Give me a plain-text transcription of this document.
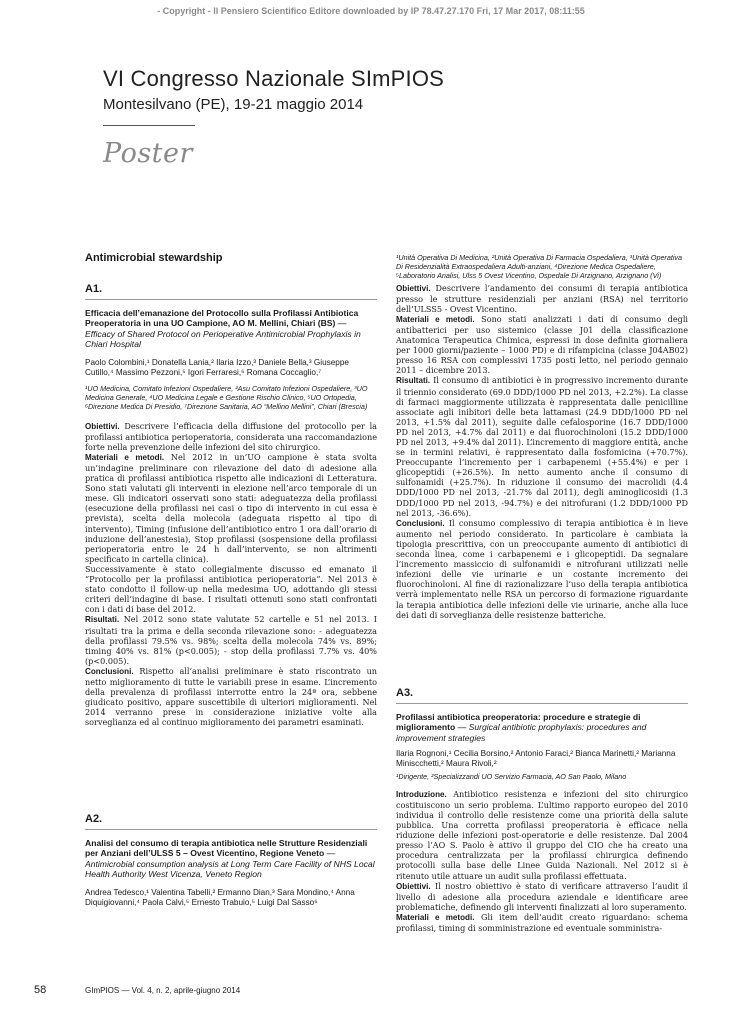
- Copyright - Il Pensiero Scientifico Editore downloaded by IP 78.47.27.170 Fri, 17 Mar 2017, 08:11:55
VI Congresso Nazionale SImPIOS
Montesilvano (PE), 19-21 maggio 2014
Poster
Antimicrobial stewardship
A1.
Efficacia dell’emanazione del Protocollo sulla Profilassi Antibiotica Preoperatoria in una UO Campione, AO M. Mellini, Chiari (BS) — Efficacy of Shared Protocol on Perioperative Antimicrobial Prophylaxis in Chiari Hospital
Paolo Colombini,¹ Donatella Lania,² Ilaria Izzo,³ Daniele Bella,³ Giuseppe Cutillo,⁴ Massimo Pezzoni,⁵ Igori Ferraresi,⁶ Romana Coccaglio,⁷
¹UO Medicina, Comitato Infezioni Ospedaliere, ²Asu Comitato Infezioni Ospedaliere, ³UO Medicina Generale, ⁴UO Medicina Legale e Gestione Rischio Clinico, ⁵UO Ortopedia, ⁶Direzione Medica Di Presidio, ⁷Direzione Sanitaria, AO “Mellino Mellini”, Chiari (Brescia)

Obiettivi. Descrivere l’efficacia della diffusione del protocollo per la profilassi antibiotica perioperatoria, considerata una raccomandazione forte nella prevenzione delle infezioni del sito chirurgico.

Materiali e metodi. Nel 2012 in un’UO campione è stata svolta un’indagine preliminare con rilevazione del dato di adesione alla pratica di profilassi antibiotica rispetto alle indicazioni di Letteratura. Sono stati valutati gli interventi in elezione nell’arco temporale di un mese. Gli indicatori osservati sono stati: adeguatezza della profilassi (esecuzione della profilassi nei casi o tipo di intervento in cui essa è prevista), scelta della molecola (adeguata rispetto al tipo di intervento), Timing (infusione dell’antibiotico entro 1 ora dall’orario di induzione dell’anestesia), Stop profilassi (sospensione della profilassi perioperatoria entro le 24 h dall’intervento, se non altrimenti specificato in cartella clinica).

Successivamente è stato collegialmente discusso ed emanato il “Protocollo per la profilassi antibiotica perioperatoria”. Nel 2013 è stato condotto il follow-up nella medesima UO, adottando gli stessi criteri dell’indagine di base. I risultati ottenuti sono stati confrontati con i dati di base del 2012.

Risultati. Nel 2012 sono state valutate 52 cartelle e 51 nel 2013. I risultati tra la prima e della seconda rilevazione sono: - adeguatezza della profilassi 79.5% vs. 98%; scelta della molecola 74% vs. 89%; timing 40% vs. 81% (p<0.005); - stop della profilassi 7.7% vs. 40% (p<0.005).

Conclusioni. Rispetto all’analisi preliminare è stato riscontrato un netto miglioramento di tutte le variabili prese in esame. L’incremento della prevalenza di profilassi interrotte entro la 24ª ora, sebbene giudicato positivo, appare suscettibile di ulteriori miglioramenti. Nel 2014 verranno prese in considerazione iniziative volte alla sorveglianza ed al continuo miglioramento dei parametri esaminati.

A2.
Analisi del consumo di terapia antibiotica nelle Strutture Residenziali per Anziani dell’ULSS 5 – Ovest Vicentino, Regione Veneto — Antimicrobial consumption analysis at Long Term Care Facility of NHS Local Health Authority West Vicenza, Veneto Region
Andrea Tedesco,¹ Valentina Tabelli,² Ermanno Dian,³ Sara Mondino,⁴ Anna Diquigiovanni,⁴ Paola Calvi,⁵ Ernesto Trabuio,⁵ Luigi Dal Sasso⁶
¹Unità Operativa Di Medicina, ²Unità Operativa Di Farmacia Ospedaliera, ³Unità Operativa Di Residenzialità Extraospedaliera Adulti-anziani, ⁴Direzione Medica Ospedaliere, ⁵Laboratorio Analisi, Ulss 5 Ovest Vicentino, Ospedale Di Arzignano, Arzignano (Vi)

Obiettivi. Descrivere l’andamento dei consumi di terapia antibiotica presso le strutture residenziali per anziani (RSA) nel territorio dell’ULSS5 - Ovest Vicentino.

Materiali e metodi. Sono stati analizzati i dati di consumo degli antibatterici per uso sistemico (classe J01 della classificazione Anatomica Terapeutica Chimica, espressi in dose definita giornaliera per 1000 giorni/paziente – 1000 PD) e di rifampicina (classe J04AB02) presso 16 RSA con complessivi 1735 posti letto, nel periodo gennaio 2011 – dicembre 2013.

Risultati. Il consumo di antibiotici è in progressivo incremento durante il triennio considerato (69.0 DDD/1000 PD nel 2013, +2.2%). La classe di farmaci maggiormente utilizzata è rappresentata dalle penicilline associate agli inibitori delle beta lattamasi (24.9 DDD/1000 PD nel 2013, +1.5% dal 2011), seguite dalle cefalosporine (16.7 DDD/1000 PD nel 2013, +4.7% dal 2011) e dai fluorochinoloni (15.2 DDD/1000 PD nel 2013, +9.4% dal 2011). L’incremento di maggiore entità, anche se in termini relativi, è rappresentato dalla fosfomicina (+70.7%). Preoccupante l’incremento per i carbapenemi (+55.4%) e per i glicopeptidi (+26.5%). In netto aumento anche il consumo di sulfonamidi (+25.7%). In riduzione il consumo dei macrolidi (4.4 DDD/1000 PD nel 2013, -21.7% dal 2011), degli aminoglicosidi (1.3 DDD/1000 PD nel 2013, -94.7%) e dei nitrofurani (1.2 DDD/1000 PD nel 2013, -36.6%).

Conclusioni. Il consumo complessivo di terapia antibiotica è in lieve aumento nel periodo considerato. In particolare è cambiata la tipologia prescrittiva, con un preoccupante aumento di antibiotici di seconda linea, come i carbapenemi e i glicopeptidi. Da segnalare l’incremento massiccio di sulfonamidi e nitrofurani utilizzati nelle infezioni delle vie urinarie e un costante incremento dei fluorochinoloni. Al fine di razionalizzare l’uso della terapia antibiotica verrà implementato nelle RSA un percorso di formazione riguardante la terapia antibiotica delle infezioni delle vie urinarie, anche alla luce dei dati di sorveglianza delle resistenze batteriche.

A3.
Profilassi antibiotica preoperatoria: procedure e strategie di miglioramento — Surgical antibiotic prophylaxis: procedures and improvement strategies
Ilaria Rognoni,¹ Cecilia Borsino,² Antonio Faraci,² Bianca Marinetti,² Marianna Miniscchetti,² Maura Rivoli,²
¹Dirigente, ²Specializzandi UO Servizio Farmacia, AO San Paolo, Milano

Introduzione. Antibiotico resistenza e infezioni del sito chirurgico costituiscono un serio problema. L’ultimo rapporto europeo del 2010 individua il controllo delle resistenze come una priorità della salute pubblica. Una corretta profilassi preoperatoria è efficace nella riduzione delle infezioni post-operatorie e delle resistenze. Dal 2004 presso l’AO S. Paolo è attivo il gruppo del CIO che ha creato una procedura centralizzata per la profilassi chirurgica definendo protocolli sulla base delle Linee Guida Nazionali. Nel 2012 si è ritenuto utile attuare un audit sulla profilassi effettuata.

Obiettivi. Il nostro obiettivo è stato di verificare attraverso l’audit il livello di adesione alla procedura aziendale e identificare aree problematiche, definendo gli interventi finalizzati al loro superamento.

Materiali e metodi. Gli item dell’audit creato riguardano: schema profilassi, timing di somministrazione ed eventuale somministra-

58	GImPIOS — Vol. 4, n. 2, aprile-giugno 2014
